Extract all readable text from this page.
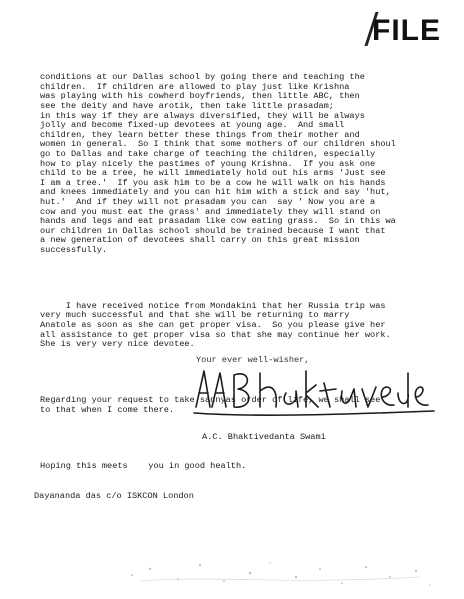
FILE

conditions at our Dallas school by going there and teaching the
children.  If children are allowed to play just like Krishna
was playing with his cowherd boyfriends, then little ABC, then
see the deity and have arotik, then take little prasadam;
in this way if they are always diversified, they will be always
jolly and become fixed-up devotees at young age.  And small
children, they learn better these things from their mother and
women in general.  So I think that some mothers of our children shoul
go to Dallas and take charge of teaching the children, especially
how to play nicely the pastimes of young Krishna.  If you ask one
child to be a tree, he will immediately hold out his arms 'Just see
I am a tree.'  If you ask him to be a cow he will walk on his hands
and knees immediately and you can hit him with a stick and say 'hut,
hut.'  And if they will not prasadam you can  say ' Now you are a
cow and you must eat the grass' and immediately they will stand on
hands and legs and eat prasadam like cow eating grass.  So in this wa
our children in Dallas school should be trained because I want that
a new generation of devotees shall carry on this great mission
successfully.

I have received notice from Mondakini that her Russia trip was
very much successful and that she will be returning to marry
Anatole as soon as she can get proper visa.  So you please give her
all assistance to get proper visa so that she may continue her work.
She is very very nice devotee.

Regarding your request to take sannyas order of life, we shall see
to that when I come there.

Hoping this meets    you in good health.

Your ever well-wisher,
A.C. Bhaktivedanta Swami
Dayananda das c/o ISKCON London
